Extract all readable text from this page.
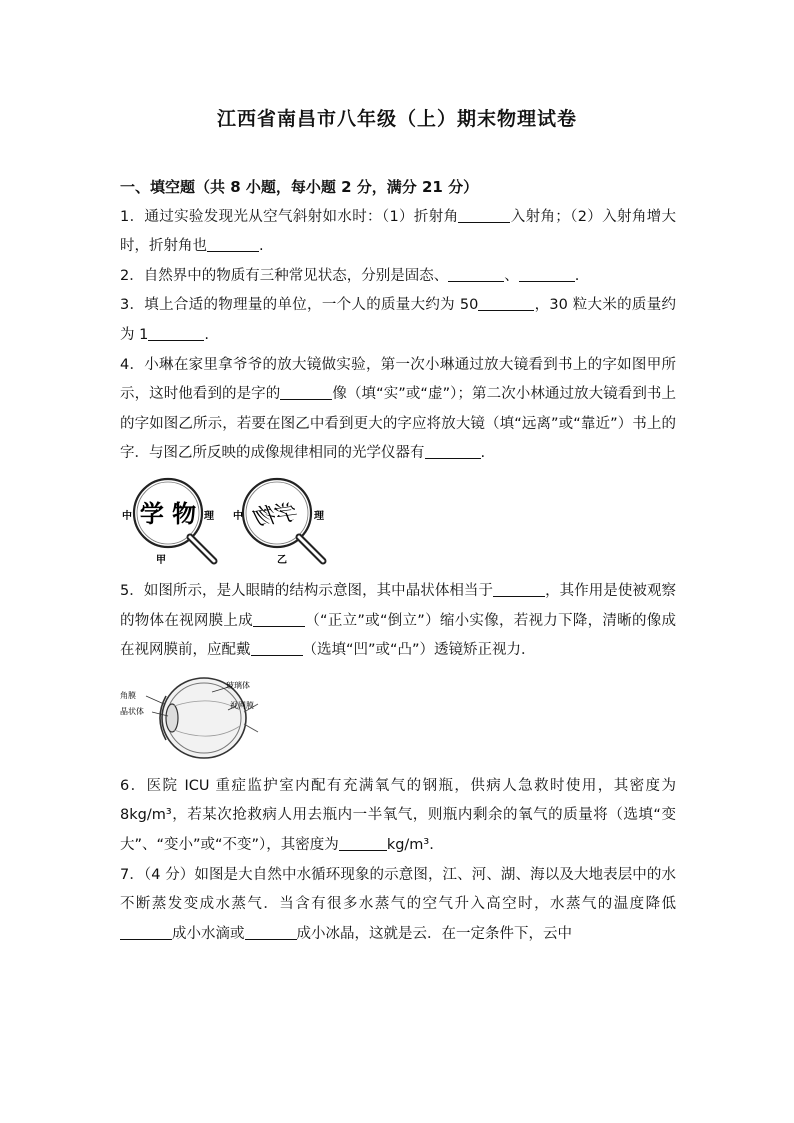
江西省南昌市八年级（上）期末物理试卷
一、填空题（共 8 小题，每小题 2 分，满分 21 分）

1．通过实验发现光从空气斜射如水时：（1）折射角	入射角；（2）入射角增大时，折射角也	.

2．自然界中的物质有三种常见状态，分别是固态、	、	.

3．填上合适的物理量的单位，一个人的质量大约为 50	，30 粒大米的质量约为 1	.

4．小琳在家里拿爷爷的放大镜做实验，第一次小琳通过放大镜看到书上的字如图甲所示，这时他看到的是字的	像（填“实”或“虚”）；第二次小林通过放大镜看到书上的字如图乙所示，若要在图乙中看到更大的字应将放大镜（填“远离”或“靠近”）书上的字．与图乙所反映的成像规律相同的光学仪器有	.

中 学 物 理
甲
中 学物 理
乙

5．如图所示，是人眼睛的结构示意图，其中晶状体相当于	，其作用是使被观察的物体在视网膜上成	（“正立”或“倒立”）缩小实像，若视力下降，清晰的像成在视网膜前，应配戴	（选填“凹”或“凸”）透镜矫正视力．

角膜
晶状体
玻璃体
视网膜

6．医院 ICU 重症监护室内配有充满氧气的钢瓶，供病人急救时使用，其密度为 8kg/m³，若某次抢救病人用去瓶内一半氧气，则瓶内剩余的氧气的质量将（选填“变大”、“变小”或“不变”），其密度为	kg/m³.

7．（4 分）如图是大自然中水循环现象的示意图，江、河、湖、海以及大地表层中的水不断蒸发变成水蒸气．当含有很多水蒸气的空气升入高空时，水蒸气的温度降低成小水滴或	成小冰晶，这就是云．在一定条件下，云中
